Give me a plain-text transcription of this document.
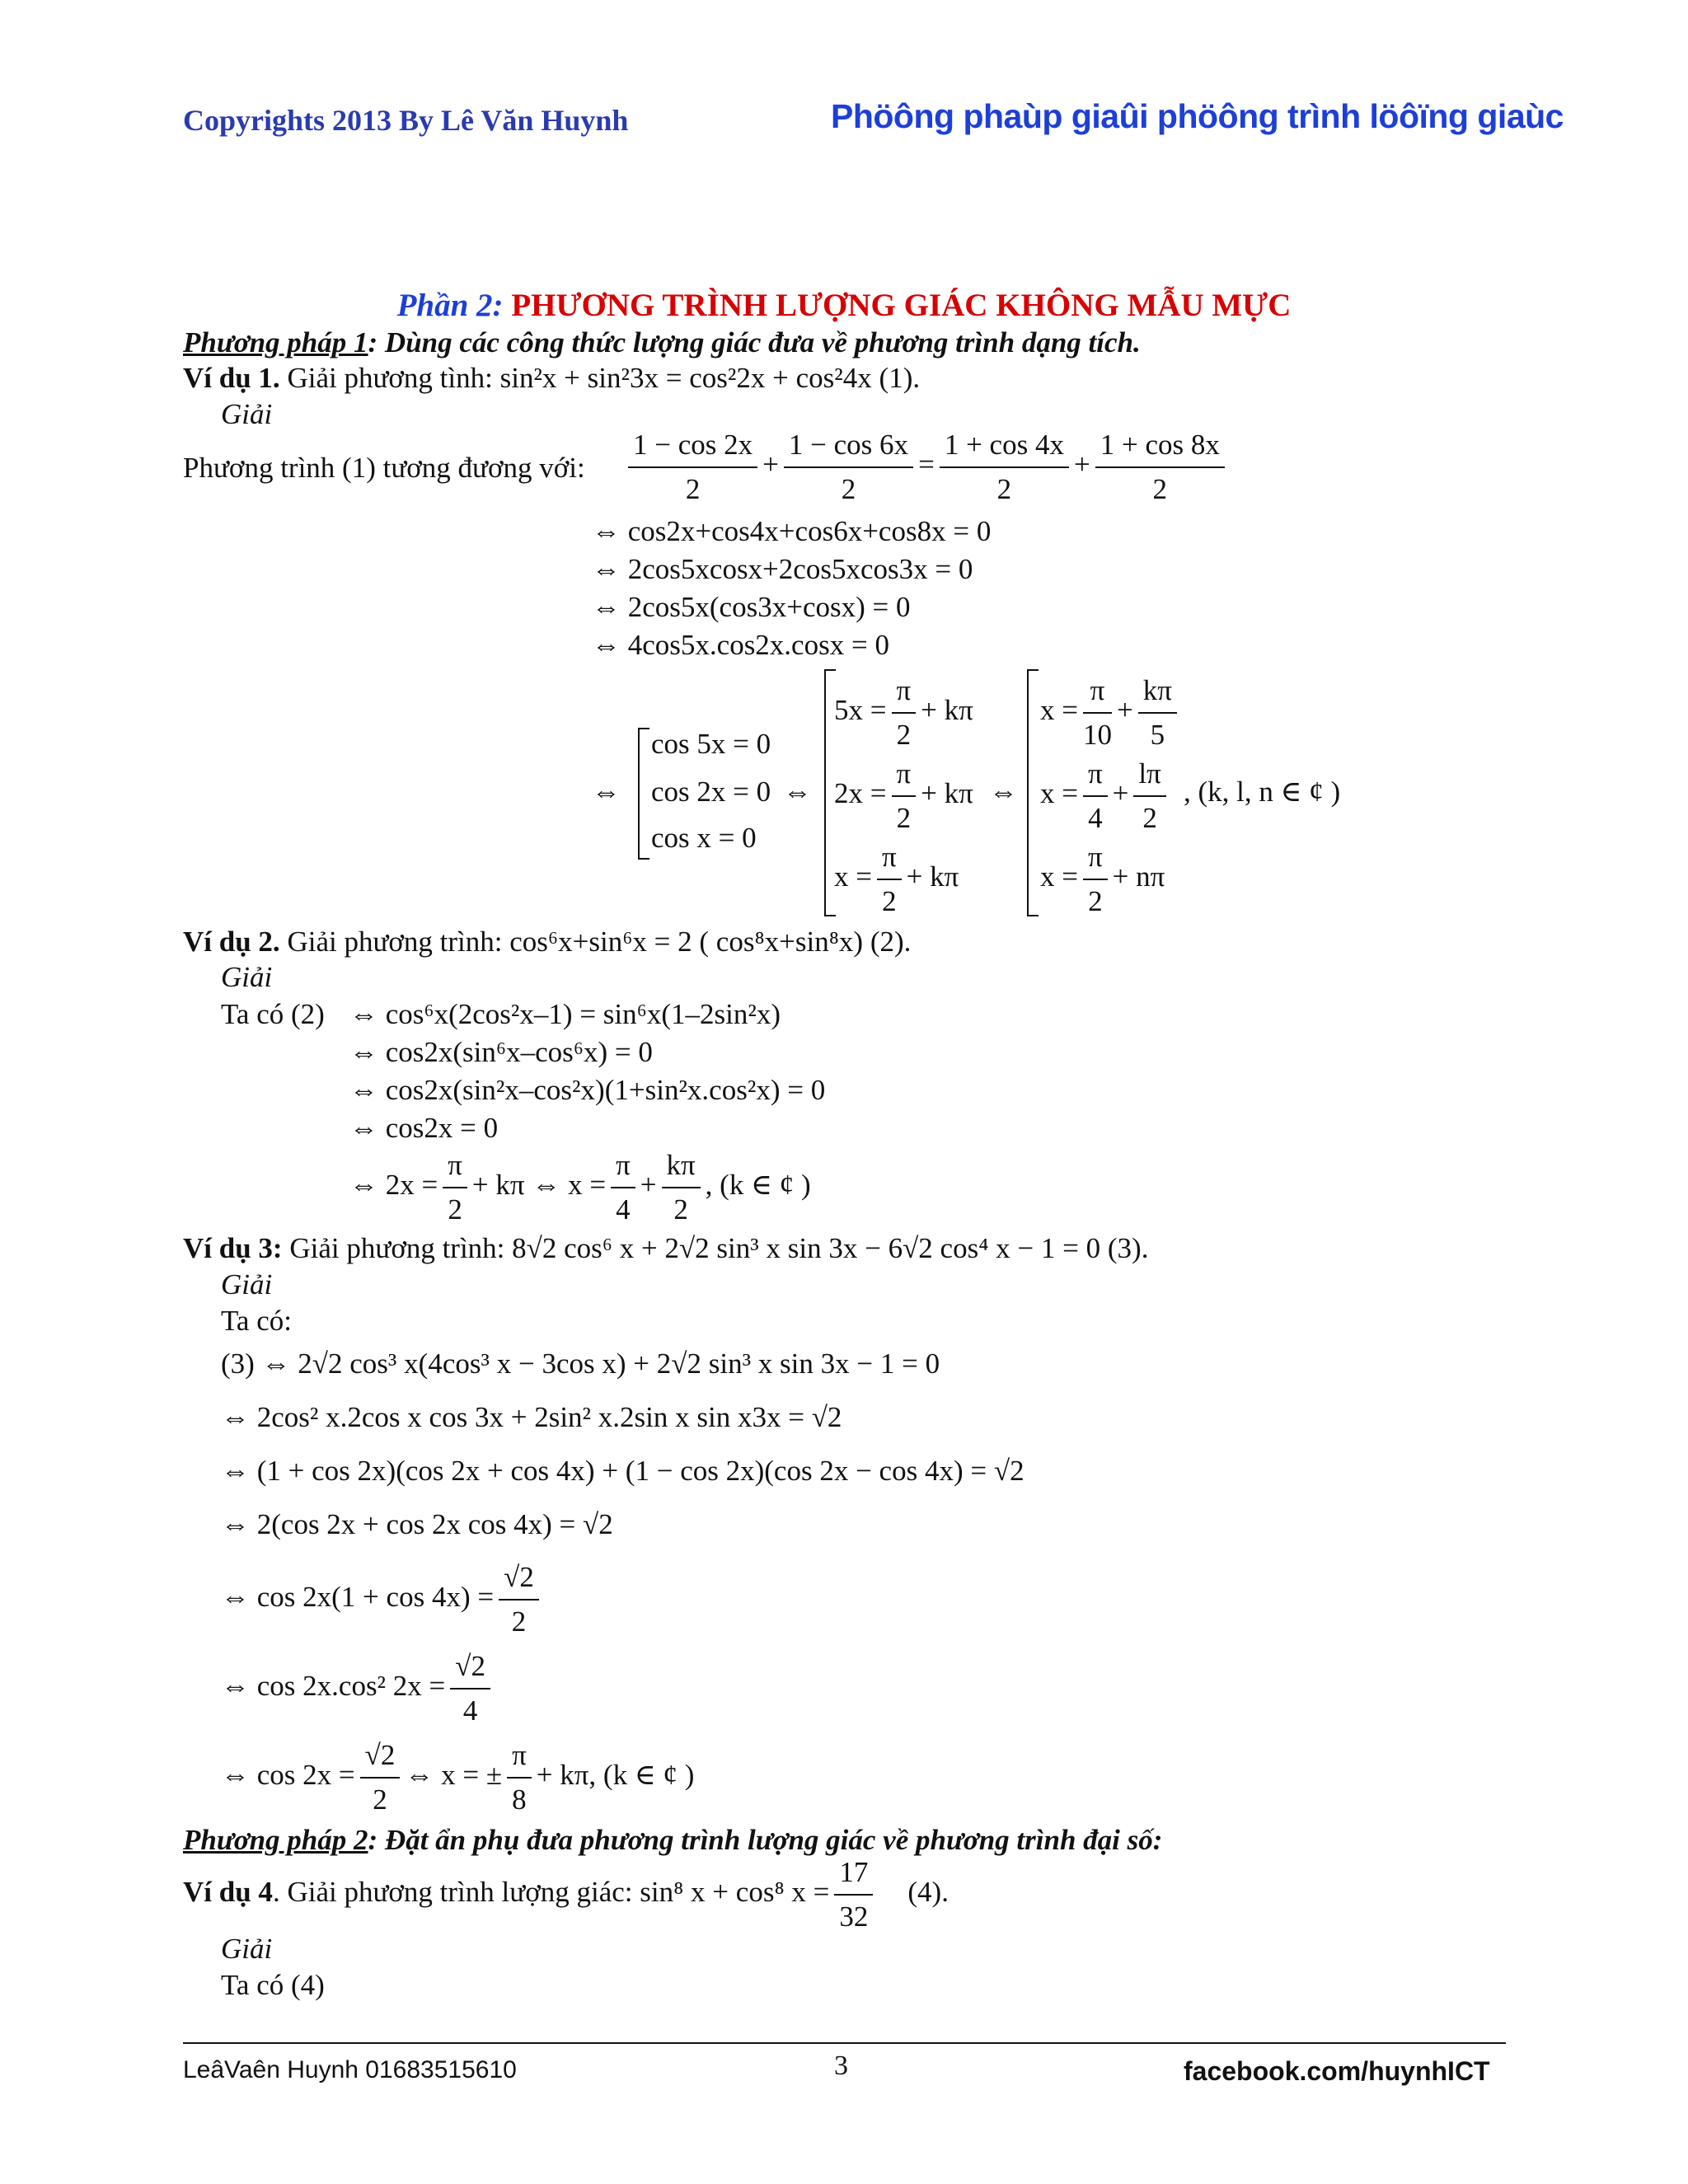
Copyrights 2013 By Lê Văn Huynh	Phöông phaùp giaûi phöông trình löôïng giaùc
Phần 2: PHƯƠNG TRÌNH LƯỢNG GIÁC KHÔNG MẪU MỰC
Phương pháp 1: Dùng các công thức lượng giác đưa về phương trình dạng tích.
Ví dụ 1. Giải phương tình: sin²x + sin²3x = cos²2x + cos²4x (1).
Giải
Phương trình (1) tương đương với: $\frac{1 - \cos 2x}{2} + \frac{1 - \cos 6x}{2} = \frac{1 + \cos 4x}{2} + \frac{1 + \cos 8x}{2}$
⇔ cos2x+cos4x+cos6x+cos8x = 0
⇔ 2cos5xcosx+2cos5xcos3x = 0
⇔ 2cos5x(cos3x+cosx) = 0
⇔ 4cos5x.cos2x.cosx = 0
⇔
cos 5x = 0
cos 2x = 0
cos x = 0
⇔
$5x = \frac{\pi}{2} + k\pi$
$2x = \frac{\pi}{2} + k\pi$
$x = \frac{\pi}{2} + k\pi$
⇔
$x = \frac{\pi}{10} + \frac{k\pi}{5}$
$x = \frac{\pi}{4} + \frac{l\pi}{2}$
$x = \frac{\pi}{2} + n\pi$
, (k, l, n ∈ ¢ )
Ví dụ 2. Giải phương trình: cos⁶x+sin⁶x = 2 ( cos⁸x+sin⁸x) (2).
Giải
Ta có (2) ⇔ cos⁶x(2cos²x–1) = sin⁶x(1–2sin²x)
⇔ cos2x(sin⁶x–cos⁶x) = 0
⇔ cos2x(sin²x–cos²x)(1+sin²x.cos²x) = 0
⇔ cos2x = 0
⇔ $2x = \frac{\pi}{2} + k\pi$ ⇔ $x = \frac{\pi}{4} + \frac{k\pi}{2}$ , (k ∈ ¢ )
Ví dụ 3: Giải phương trình: 8√2 cos⁶ x + 2√2 sin³ x sin 3x − 6√2 cos⁴ x − 1 = 0 (3).
Giải
Ta có:
(3) ⇔ 2√2 cos³ x(4cos³ x − 3cos x) + 2√2 sin³ x sin 3x − 1 = 0
⇔ 2cos² x.2cos x cos 3x + 2sin² x.2sin x sin x3x = √2
⇔ (1 + cos 2x)(cos 2x + cos 4x) + (1 − cos 2x)(cos 2x − cos 4x) = √2
⇔ 2(cos 2x + cos 2x cos 4x) = √2
⇔ $\cos 2x(1 + \cos 4x) = \frac{√2}{2}$
⇔ cos 2x.cos² $2x = \frac{√2}{4}$
⇔ $\cos 2x = \frac{√2}{2}$ ⇔ x = ± $\frac{\pi}{8} + k\pi$, (k ∈ ¢ )
Phương pháp 2: Đặt ẩn phụ đưa phương trình lượng giác về phương trình đại số:
Ví dụ 4. Giải phương trình lượng giác: sin⁸ x + cos⁸ $x = \frac{17}{32} (4)$.
Giải
Ta có (4)
LeâVaên Huynh 01683515610	3	facebook.com/huynhICT
